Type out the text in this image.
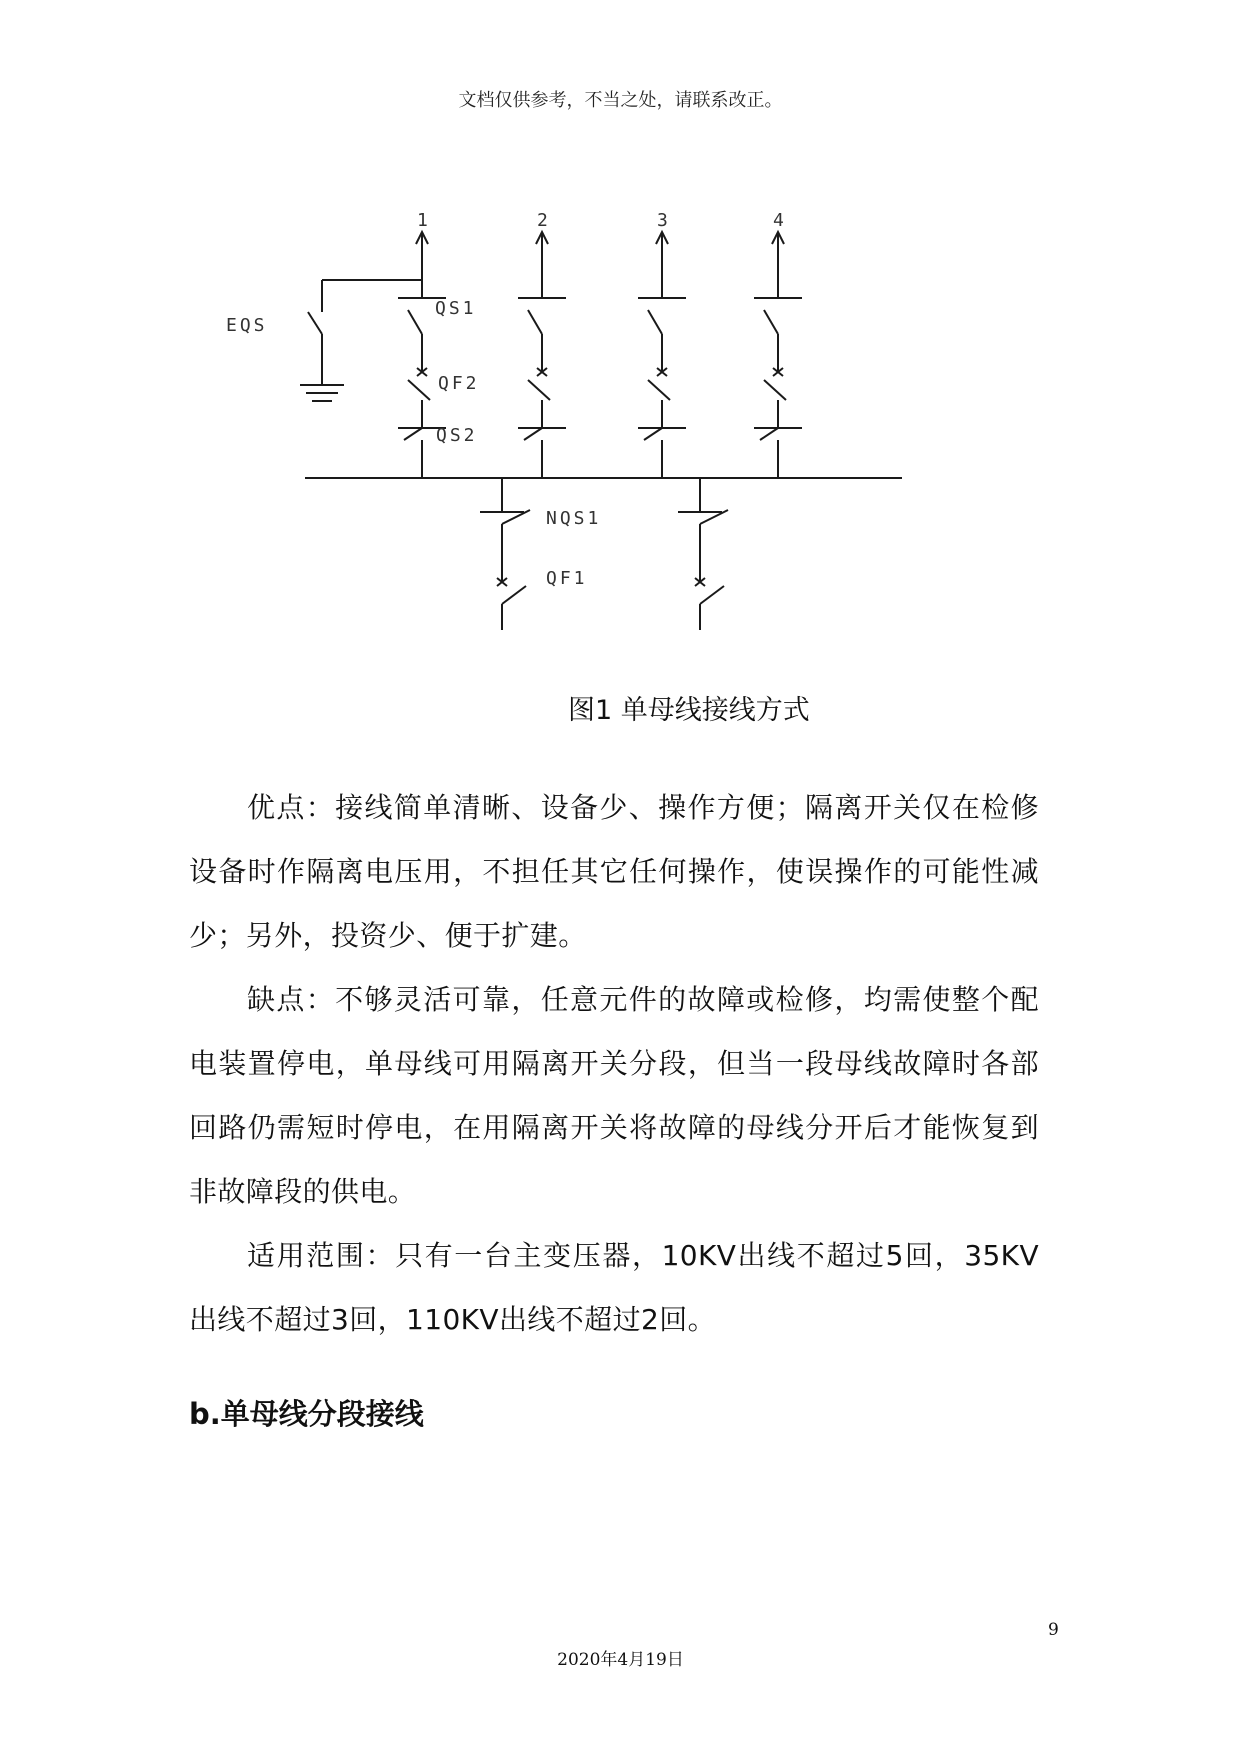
文档仅供参考，不当之处，请联系改正。
1	2	3	4
EQS
QS1
QF2
QS2
NQS1
QF1
图1 单母线接线方式
优点：接线简单清晰、设备少、操作方便；隔离开关仅在检修设备时作隔离电压用，不担任其它任何操作，使误操作的可能性减少；另外，投资少、便于扩建。
缺点：不够灵活可靠，任意元件的故障或检修，均需使整个配电装置停电，单母线可用隔离开关分段，但当一段母线故障时各部回路仍需短时停电，在用隔离开关将故障的母线分开后才能恢复到非故障段的供电。
适用范围：只有一台主变压器，10KV出线不超过5回，35KV出线不超过3回，110KV出线不超过2回。
b.单母线分段接线
9
2020年4月19日
